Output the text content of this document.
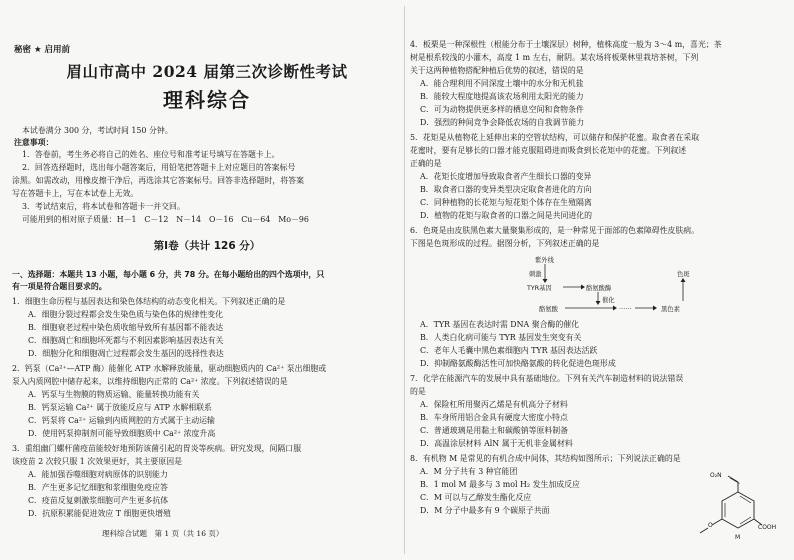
秘密 ★ 启用前
眉山市高中 2024 届第三次诊断性考试
理科综合
本试卷满分 300 分，考试时间 150 分钟。
注意事项：
1．答卷前，考生务必将自己的姓名、座位号和准考证号填写在答题卡上。
2．回答选择题时，选出每小题答案后，用铅笔把答题卡上对应题目的答案标号
涂黑。如需改动，用橡皮擦干净后，再选涂其它答案标号。回答非选择题时，将答案
写在答题卡上，写在本试卷上无效。
3．考试结束后，将本试卷和答题卡一并交回。
可能用到的相对原子质量：H－1　C－12　N－14　O－16　Cu－64　Mo－96
第Ⅰ卷（共计 126 分）
一、选择题：本题共 13 小题，每小题 6 分，共 78 分。在每小题给出的四个选项中，只
有一项是符合题目要求的。
1．细胞生命历程与基因表达和染色体结构的动态变化相关。下列叙述正确的是
A．细胞分裂过程都会发生染色质与染色体的规律性变化
B．细胞衰老过程中染色质收缩导致所有基因都不能表达
C．细胞凋亡和细胞坏死都与不利因素影响基因表达有关
D．细胞分化和细胞凋亡过程都会发生基因的选择性表达
2．钙泵（Ca²⁺—ATP 酶）能催化 ATP 水解释放能量，驱动细胞质内的 Ca²⁺ 泵出细胞或
泵入内质网腔中储存起来，以维持细胞内正常的 Ca²⁺ 浓度。下列叙述错误的是
A．钙泵与生物膜的物质运输、能量转换功能有关
B．钙泵运输 Ca²⁺ 属于放能反应与 ATP 水解相联系
C．钙泵将 Ca²⁺ 运输到内质网腔的方式属于主动运输
D．使用钙泵抑制剂可能导致细胞质中 Ca²⁺ 浓度升高
3．重组幽门螺杆菌疫苗能较好地预防该菌引起的胃炎等疾病。研究发现，间隔口服
该疫苗 2 次较只服 1 次效果更好，其主要原因是
A．能加强吞噬细胞对病原体的识别能力
B．产生更多记忆细胞和浆细胞免疫应答
C．疫苗反复刺激浆细胞可产生更多抗体
D．抗原积累能促进效应 T 细胞更快增殖
理科综合试题　第 1 页（共 16 页）
4．板栗是一种深根性（根能分布于土壤深层）树种，植株高度一般为 3～4 m，喜光；茶
树是根系较浅的小灌木，高度 1 m 左右，耐阴。某农场将板栗林里栽培茶树，下列
关于这两种植物搭配种植后优势的叙述，错误的是
A．能合理利用不同深度土壤中的水分和无机盐
B．能较大程度地提高该农场利用太阳光的能力
C．可为动物提供更多样的栖息空间和食物条件
D．强烈的种间竞争会降低农场的自我调节能力
5．花矩是从植物花上延伸出来的空管状结构，可以储存和保护花蜜。取食者在采取
花蜜时，要有足够长的口器才能克服阻碍进而吸食到长花矩中的花蜜。下列叙述
正确的是
A．花矩长度增加导致取食者产生细长口器的变异
B．取食者口器的变异类型决定取食者进化的方向
C．同种植物的长花矩与短花矩个体存在生殖隔离
D．植物的花矩与取食者的口器之间是共同进化的
6．色斑是由皮肤黑色素大量聚集形成的，是一种常见于面部的色素障碍性皮肤病。
下图是色斑形成的过程。据图分析，下列叙述正确的是
紫外线
刺激
TYR基因	酪氨酸酶
催化
酪氨酸	……	黑色素
色斑
A．TYR 基因在表达时需 DNA 聚合酶的催化
B．人类白化病可能与 TYR 基因发生突变有关
C．老年人毛囊中黑色素细胞内 TYR 基因表达活跃
D．抑制酪氨酸酶活性可加快酪氨酸的转化促进色斑形成
7．化学在能源汽车的发展中具有基础地位。下列有关汽车制造材料的说法错误
的是
A．保险杠所用聚丙乙烯是有机高分子材料
B．车身所用铝合金具有硬度大密度小特点
C．普通玻璃是用黏土和碳酸钠等原料制备
D．高温涂层材料 AlN 属于无机非金属材料
8．有机物 M 是常见的有机合成中间体，其结构如图所示；下列说法正确的是
A．M 分子共有 3 种官能团
B．1 mol M 最多与 3 mol H₂ 发生加成反应
C．M 可以与乙醇发生酯化反应
D．M 分子中最多有 9 个碳原子共面
O₂N
O	COOH
M
